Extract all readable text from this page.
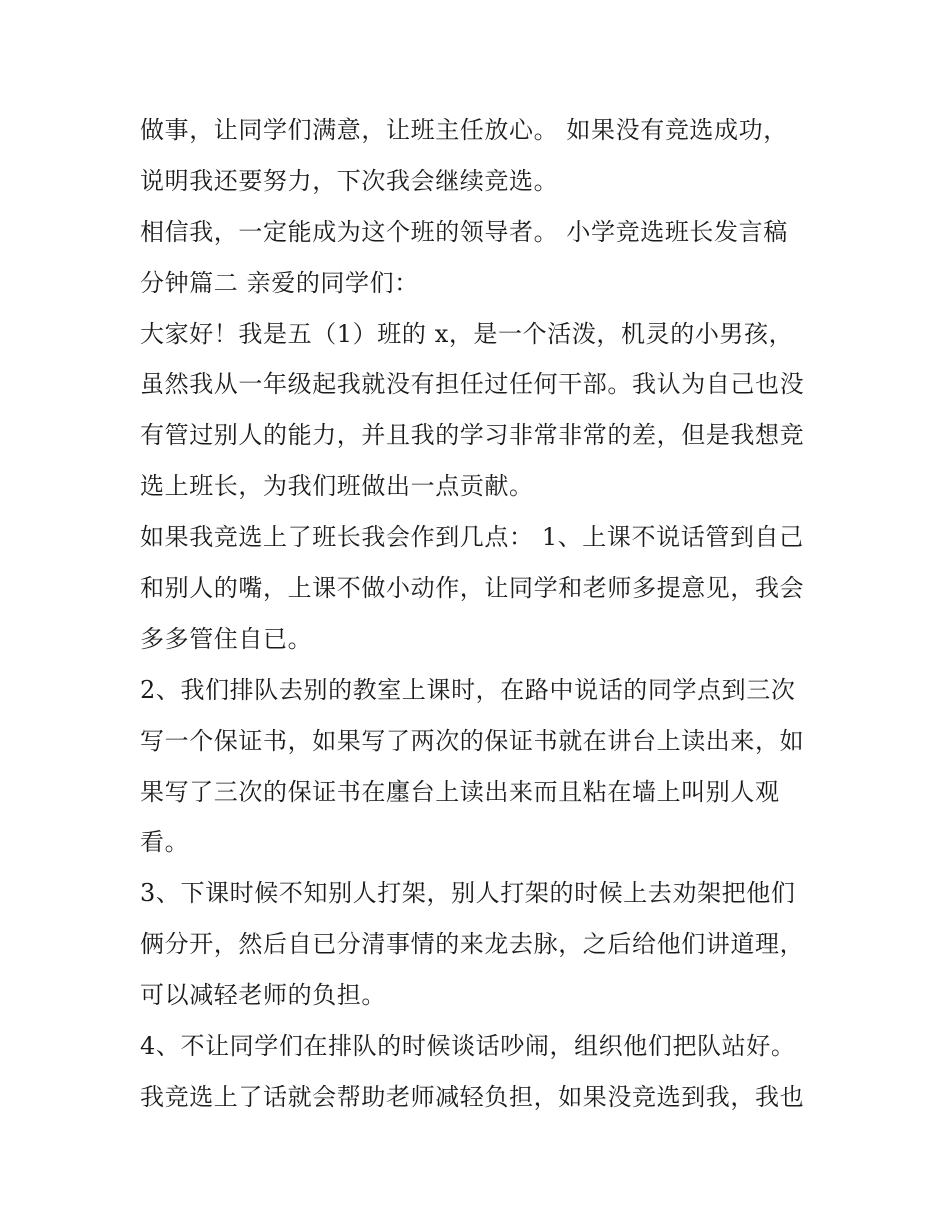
做事，让同学们满意，让班主任放心。 如果没有竞选成功，
说明我还要努力，下次我会继续竞选。
相信我，一定能成为这个班的领导者。 小学竞选班长发言稿
分钟篇二 亲爱的同学们：
大家好！我是五（1）班的 x，是一个活泼，机灵的小男孩，
虽然我从一年级起我就没有担任过任何干部。我认为自己也没
有管过别人的能力，并且我的学习非常非常的差，但是我想竞
选上班长，为我们班做出一点贡献。
如果我竞选上了班长我会作到几点： 1、上课不说话管到自己
和别人的嘴，上课不做小动作，让同学和老师多提意见，我会
多多管住自已。
2、我们排队去别的教室上课时，在路中说话的同学点到三次
写一个保证书，如果写了两次的保证书就在讲台上读出来，如
果写了三次的保证书在廛台上读出来而且粘在墙上叫别人观
看。
3、下课时候不知别人打架，别人打架的时候上去劝架把他们
俩分开，然后自已分清事情的来龙去脉，之后给他们讲道理，
可以减轻老师的负担。
4、不让同学们在排队的时候谈话吵闹，组织他们把队站好。
我竞选上了话就会帮助老师减轻负担，如果没竞选到我，我也
